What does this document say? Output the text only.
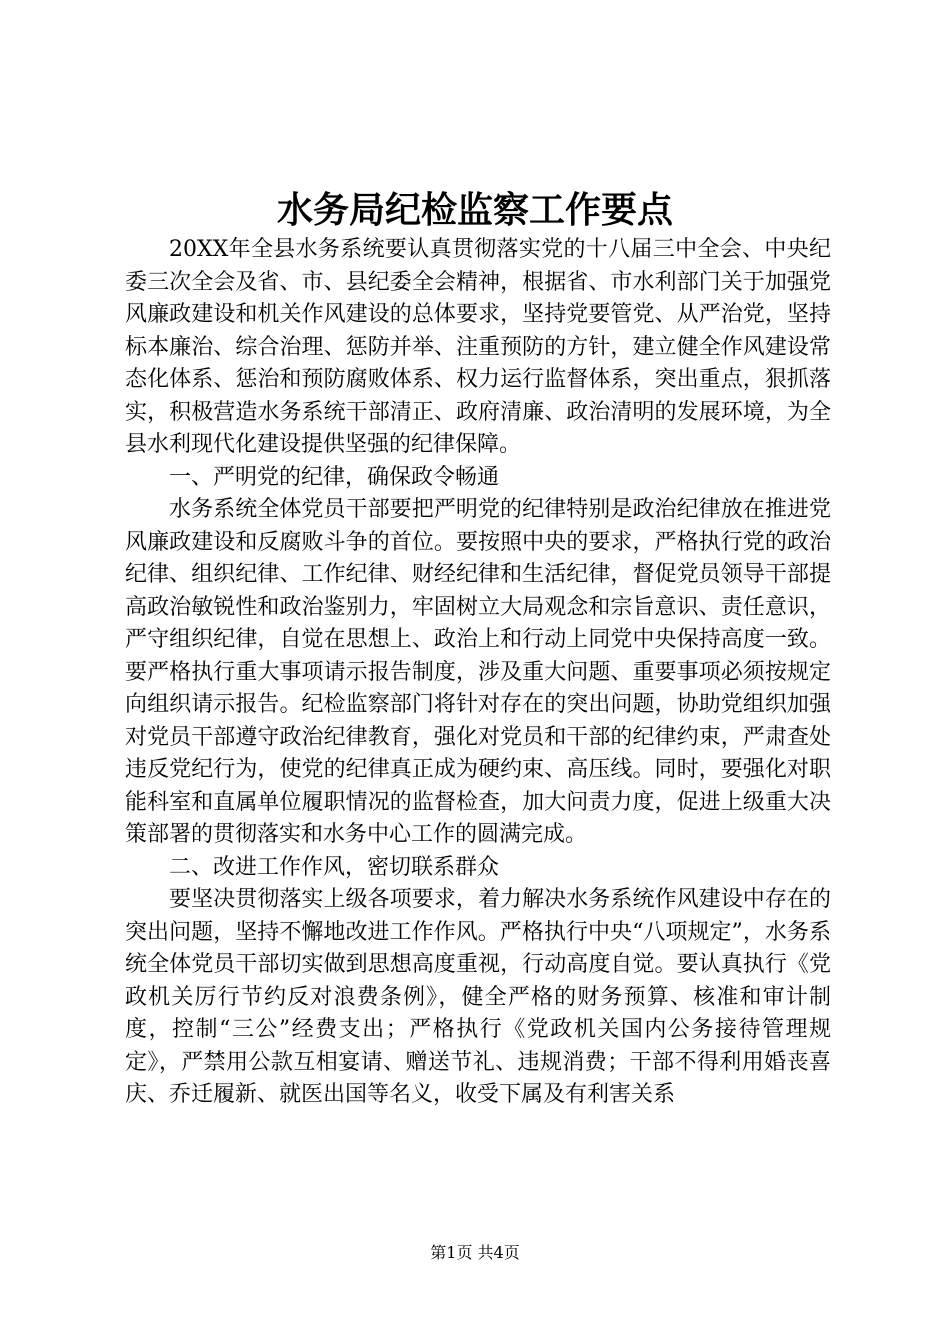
水务局纪检监察工作要点

20XX年全县水务系统要认真贯彻落实党的十八届三中全会、中央纪委三次全会及省、市、县纪委全会精神，根据省、市水利部门关于加强党风廉政建设和机关作风建设的总体要求，坚持党要管党、从严治党，坚持标本廉治、综合治理、惩防并举、注重预防的方针，建立健全作风建设常态化体系、惩治和预防腐败体系、权力运行监督体系，突出重点，狠抓落实，积极营造水务系统干部清正、政府清廉、政治清明的发展环境，为全县水利现代化建设提供坚强的纪律保障。

一、严明党的纪律，确保政令畅通

水务系统全体党员干部要把严明党的纪律特别是政治纪律放在推进党风廉政建设和反腐败斗争的首位。要按照中央的要求，严格执行党的政治纪律、组织纪律、工作纪律、财经纪律和生活纪律，督促党员领导干部提高政治敏锐性和政治鉴别力，牢固树立大局观念和宗旨意识、责任意识，严守组织纪律，自觉在思想上、政治上和行动上同党中央保持高度一致。要严格执行重大事项请示报告制度，涉及重大问题、重要事项必须按规定向组织请示报告。纪检监察部门将针对存在的突出问题，协助党组织加强对党员干部遵守政治纪律教育，强化对党员和干部的纪律约束，严肃查处违反党纪行为，使党的纪律真正成为硬约束、高压线。同时，要强化对职能科室和直属单位履职情况的监督检查，加大问责力度，促进上级重大决策部署的贯彻落实和水务中心工作的圆满完成。

二、改进工作作风，密切联系群众

要坚决贯彻落实上级各项要求，着力解决水务系统作风建设中存在的突出问题，坚持不懈地改进工作作风。严格执行中央“八项规定”，水务系统全体党员干部切实做到思想高度重视，行动高度自觉。要认真执行《党政机关厉行节约反对浪费条例》，健全严格的财务预算、核准和审计制度，控制“三公”经费支出；严格执行《党政机关国内公务接待管理规定》，严禁用公款互相宴请、赠送节礼、违规消费；干部不得利用婚丧喜庆、乔迁履新、就医出国等名义，收受下属及有利害关系

第1页 共4页
